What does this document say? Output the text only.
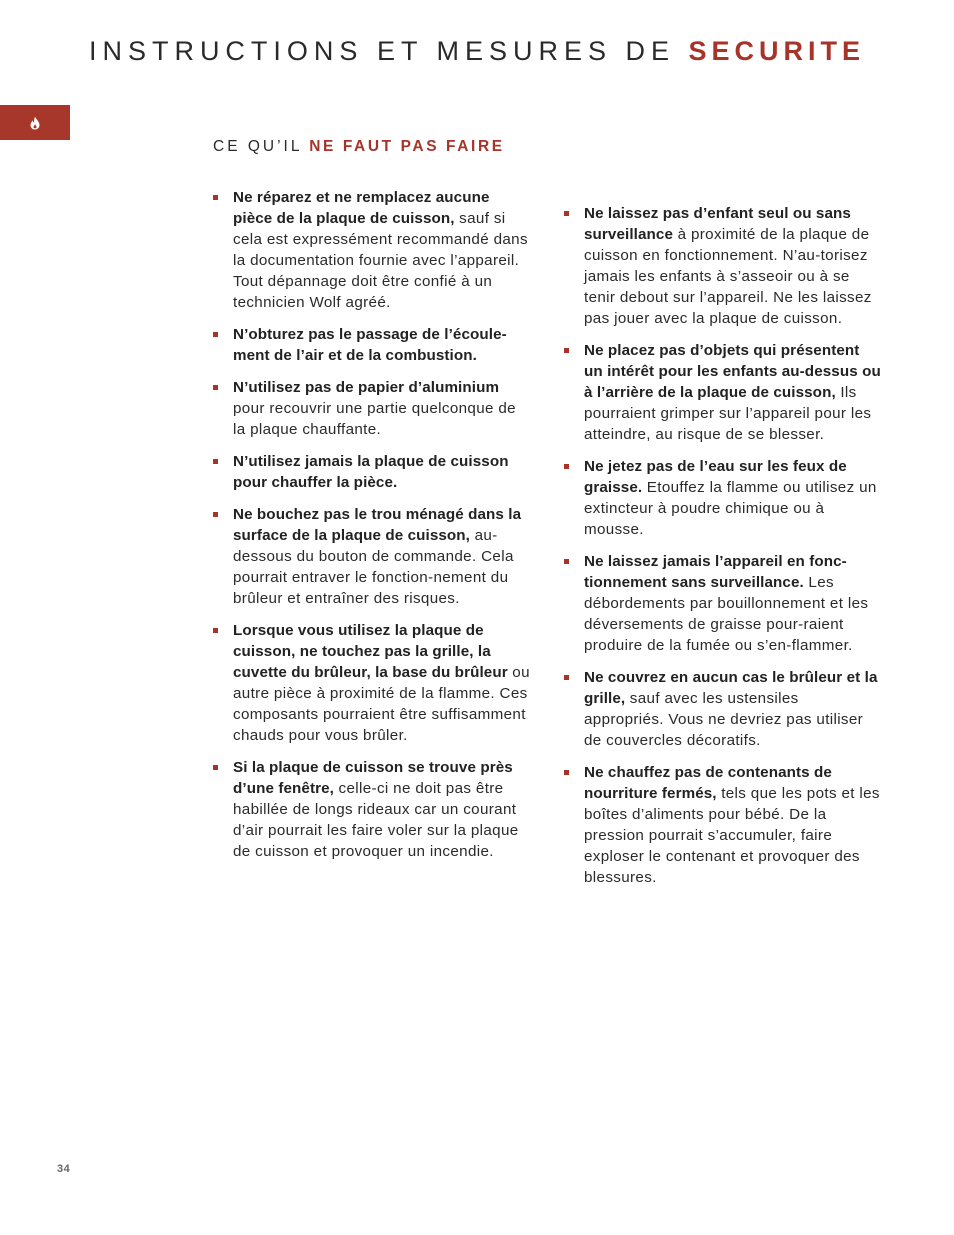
INSTRUCTIONS ET MESURES DE SECURITE
CE QU’IL NE FAUT PAS FAIRE
Ne réparez et ne remplacez aucune pièce de la plaque de cuisson, sauf si cela est expressément recommandé dans la documentation fournie avec l’appareil. Tout dépannage doit être confié à un technicien Wolf agréé.
N’obturez pas le passage de l’écoule-ment de l’air et de la combustion.
N’utilisez pas de papier d’aluminium pour recouvrir une partie quelconque de la plaque chauffante.
N’utilisez jamais la plaque de cuisson pour chauffer la pièce.
Ne bouchez pas le trou ménagé dans la surface de la plaque de cuisson, au-dessous du bouton de commande. Cela pourrait entraver le fonction-nement du brûleur et entraîner des risques.
Lorsque vous utilisez la plaque de cuisson, ne touchez pas la grille, la cuvette du brûleur, la base du brûleur ou autre pièce à proximité de la flamme. Ces composants pourraient être suffisamment chauds pour vous brûler.
Si la plaque de cuisson se trouve près d’une fenêtre, celle-ci ne doit pas être habillée de longs rideaux car un courant d’air pourrait les faire voler sur la plaque de cuisson et provoquer un incendie.
Ne laissez pas d’enfant seul ou sans surveillance à proximité de la plaque de cuisson en fonctionnement. N’au-torisez jamais les enfants à s’asseoir ou à se tenir debout sur l’appareil. Ne les laissez pas jouer avec la plaque de cuisson.
Ne placez pas d’objets qui présentent un intérêt pour les enfants au-dessus ou à l’arrière de la plaque de cuisson, Ils pourraient grimper sur l’appareil pour les atteindre, au risque de se blesser.
Ne jetez pas de l’eau sur les feux de graisse. Etouffez la flamme ou utilisez un extincteur à poudre chimique ou à mousse.
Ne laissez jamais l’appareil en fonc-tionnement sans surveillance. Les débordements par bouillonnement et les déversements de graisse pour-raient produire de la fumée ou s’en-flammer.
Ne couvrez en aucun cas le brûleur et la grille, sauf avec les ustensiles appropriés. Vous ne devriez pas utiliser de couvercles décoratifs.
Ne chauffez pas de contenants de nourriture fermés, tels que les pots et les boîtes d’aliments pour bébé. De la pression pourrait s’accumuler, faire exploser le contenant et provoquer des blessures.
34
